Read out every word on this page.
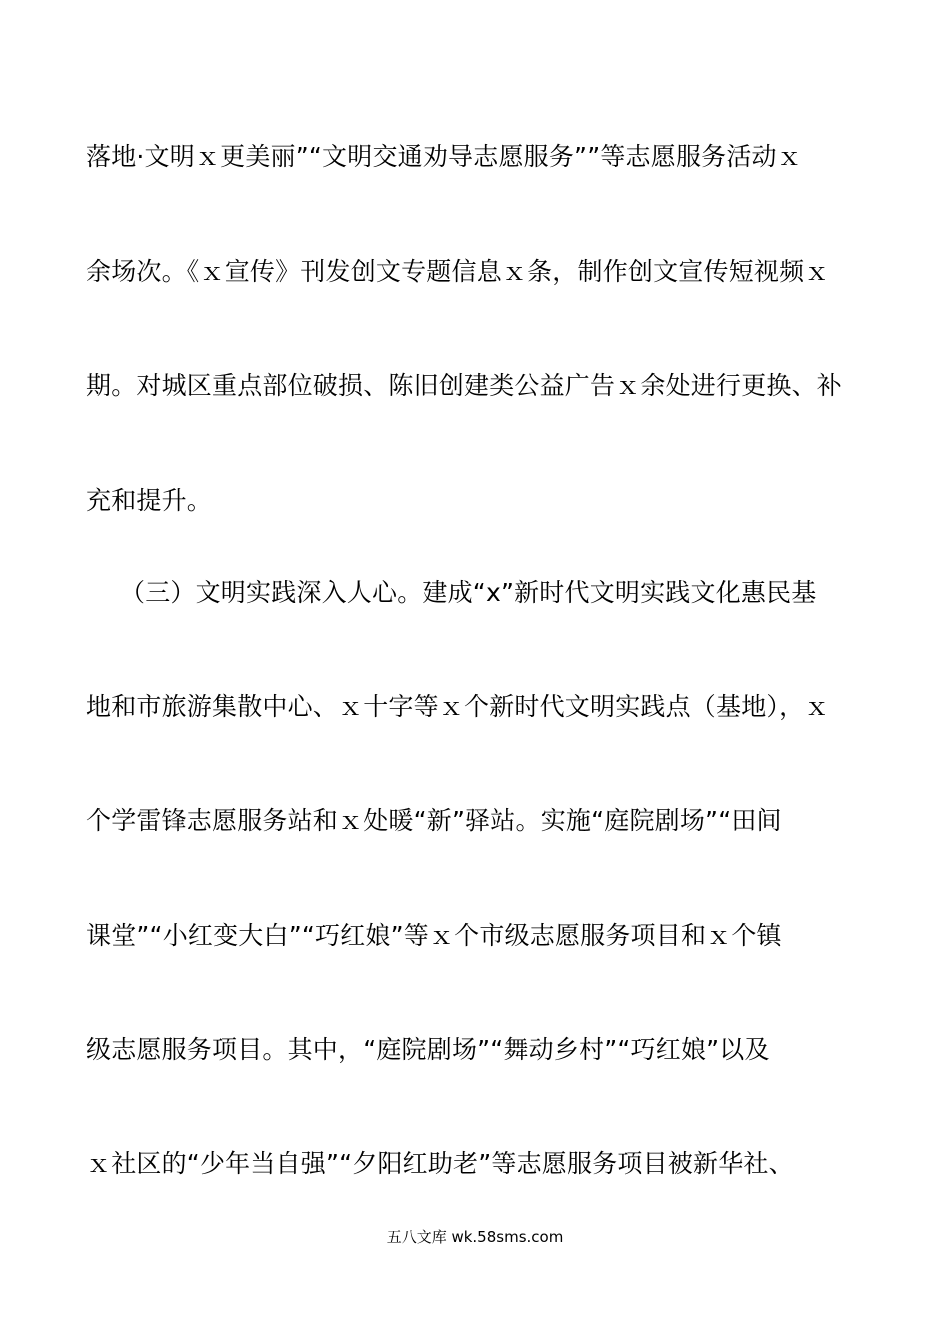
落地·文明ｘ更美丽”“文明交通劝导志愿服务””等志愿服务活动ｘ
余场次。《ｘ宣传》刊发创文专题信息ｘ条，制作创文宣传短视频ｘ
期。对城区重点部位破损、陈旧创建类公益广告ｘ余处进行更换、补
充和提升。
（三）文明实践深入人心。建成“x”新时代文明实践文化惠民基
地和市旅游集散中心、ｘ十字等ｘ个新时代文明实践点（基地），ｘ
个学雷锋志愿服务站和ｘ处暖“新”驿站。实施“庭院剧场”“田间
课堂”“小红变大白”“巧红娘”等ｘ个市级志愿服务项目和ｘ个镇
级志愿服务项目。其中，“庭院剧场”“舞动乡村”“巧红娘”以及
ｘ社区的“少年当自强”“夕阳红助老”等志愿服务项目被新华社、
五八文库 wk.58sms.com
